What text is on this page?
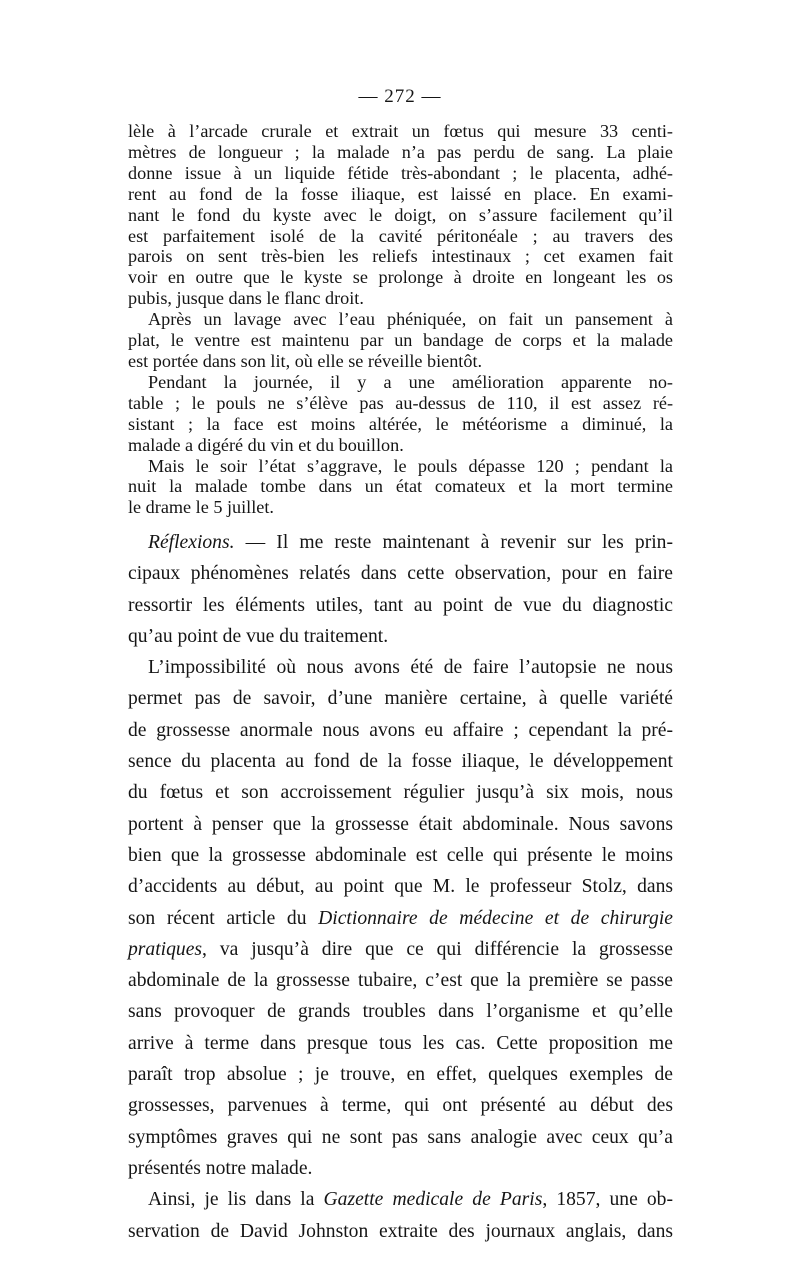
— 272 —

lèle à l’arcade crurale et extrait un fœtus qui mesure 33 centi-

mètres de longueur ; la malade n’a pas perdu de sang. La plaie

donne issue à un liquide fétide très-abondant ; le placenta, adhé-

rent au fond de la fosse iliaque, est laissé en place. En exami-

nant le fond du kyste avec le doigt, on s’assure facilement qu’il

est parfaitement isolé de la cavité péritonéale ; au travers des

parois on sent très-bien les reliefs intestinaux ; cet examen fait

voir en outre que le kyste se prolonge à droite en longeant les os

pubis, jusque dans le flanc droit.

Après un lavage avec l’eau phéniquée, on fait un pansement à

plat, le ventre est maintenu par un bandage de corps et la malade

est portée dans son lit, où elle se réveille bientôt.

Pendant la journée, il y a une amélioration apparente no-

table ; le pouls ne s’élève pas au-dessus de 110, il est assez ré-

sistant ; la face est moins altérée, le météorisme a diminué, la

malade a digéré du vin et du bouillon.

Mais le soir l’état s’aggrave, le pouls dépasse 120 ; pendant la

nuit la malade tombe dans un état comateux et la mort termine

le drame le 5 juillet.

Réflexions. — Il me reste maintenant à revenir sur les prin-

cipaux phénomènes relatés dans cette observation, pour en faire

ressortir les éléments utiles, tant au point de vue du diagnostic

qu’au point de vue du traitement.

L’impossibilité où nous avons été de faire l’autopsie ne nous

permet pas de savoir, d’une manière certaine, à quelle variété

de grossesse anormale nous avons eu affaire ; cependant la pré-

sence du placenta au fond de la fosse iliaque, le développement

du fœtus et son accroissement régulier jusqu’à six mois, nous

portent à penser que la grossesse était abdominale. Nous savons

bien que la grossesse abdominale est celle qui présente le moins

d’accidents au début, au point que M. le professeur Stolz, dans

son récent article du Dictionnaire de médecine et de chirurgie

pratiques, va jusqu’à dire que ce qui différencie la grossesse

abdominale de la grossesse tubaire, c’est que la première se passe

sans provoquer de grands troubles dans l’organisme et qu’elle

arrive à terme dans presque tous les cas. Cette proposition me

paraît trop absolue ; je trouve, en effet, quelques exemples de

grossesses, parvenues à terme, qui ont présenté au début des

symptômes graves qui ne sont pas sans analogie avec ceux qu’a

présentés notre malade.

Ainsi, je lis dans la Gazette medicale de Paris, 1857, une ob-

servation de David Johnston extraite des journaux anglais, dans
